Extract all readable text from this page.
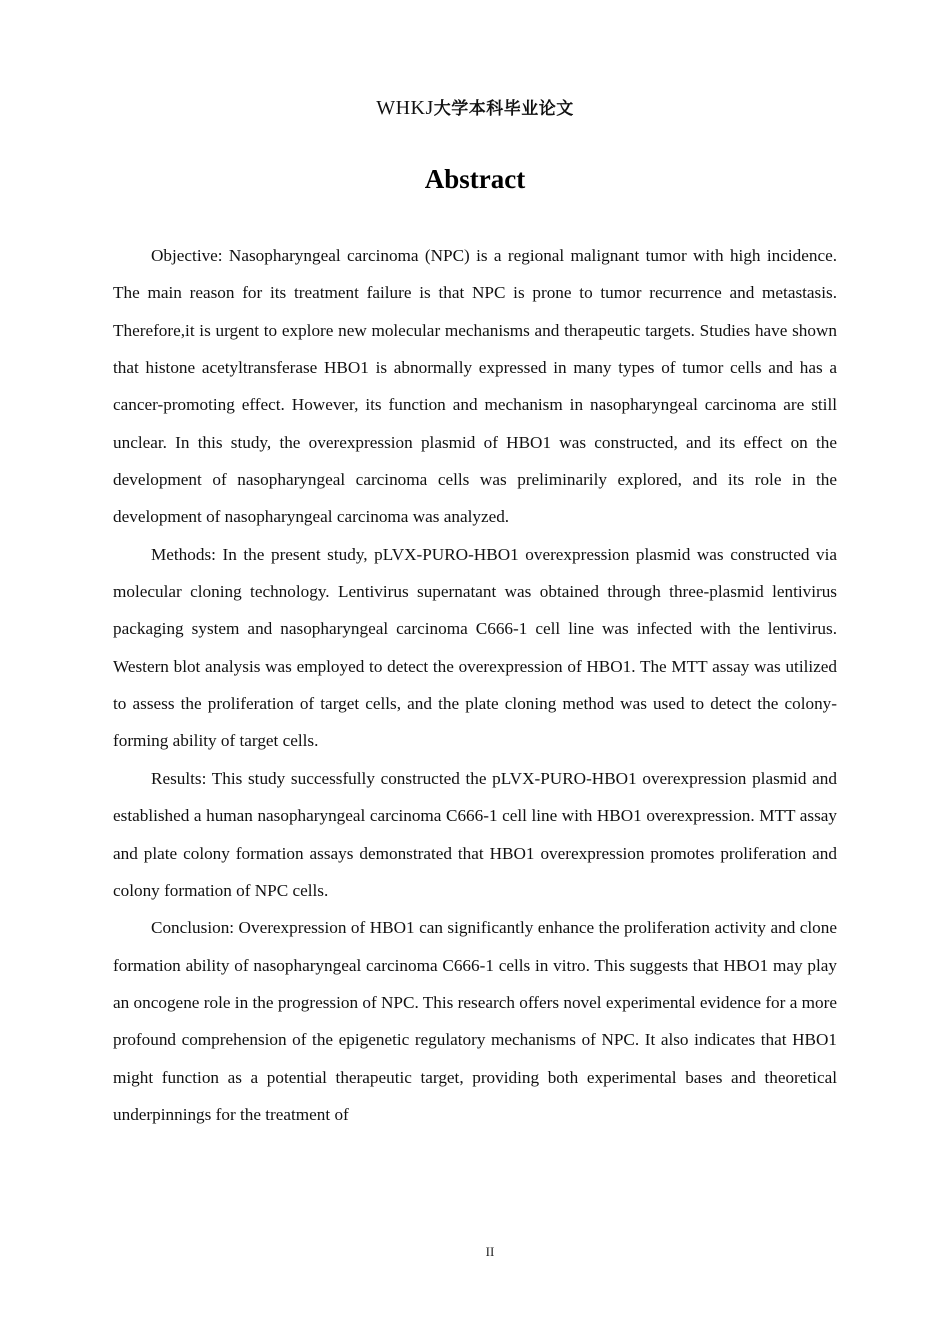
WHKJ大学本科毕业论文
Abstract

Objective: Nasopharyngeal carcinoma (NPC) is a regional malignant tumor with high incidence. The main reason for its treatment failure is that NPC is prone to tumor recurrence and metastasis. Therefore,it is urgent to explore new molecular mechanisms and therapeutic targets. Studies have shown that histone acetyltransferase HBO1 is abnormally expressed in many types of tumor cells and has a cancer-promoting effect. However, its function and mechanism in nasopharyngeal carcinoma are still unclear. In this study, the overexpression plasmid of HBO1 was constructed, and its effect on the development of nasopharyngeal carcinoma cells was preliminarily explored, and its role in the development of nasopharyngeal carcinoma was analyzed.

Methods: In the present study, pLVX-PURO-HBO1 overexpression plasmid was constructed via molecular cloning technology. Lentivirus supernatant was obtained through three-plasmid lentivirus packaging system and nasopharyngeal carcinoma C666-1 cell line was infected with the lentivirus. Western blot analysis was employed to detect the overexpression of HBO1. The MTT assay was utilized to assess the proliferation of target cells, and the plate cloning method was used to detect the colony-forming ability of target cells.

Results: This study successfully constructed the pLVX-PURO-HBO1 overexpression plasmid and established a human nasopharyngeal carcinoma C666-1 cell line with HBO1 overexpression. MTT assay and plate colony formation assays demonstrated that HBO1 overexpression promotes proliferation and colony formation of NPC cells.

Conclusion: Overexpression of HBO1 can significantly enhance the proliferation activity and clone formation ability of nasopharyngeal carcinoma C666-1 cells in vitro. This suggests that HBO1 may play an oncogene role in the progression of NPC. This research offers novel experimental evidence for a more profound comprehension of the epigenetic regulatory mechanisms of NPC. It also indicates that HBO1 might function as a potential therapeutic target, providing both experimental bases and theoretical underpinnings for the treatment of

II
